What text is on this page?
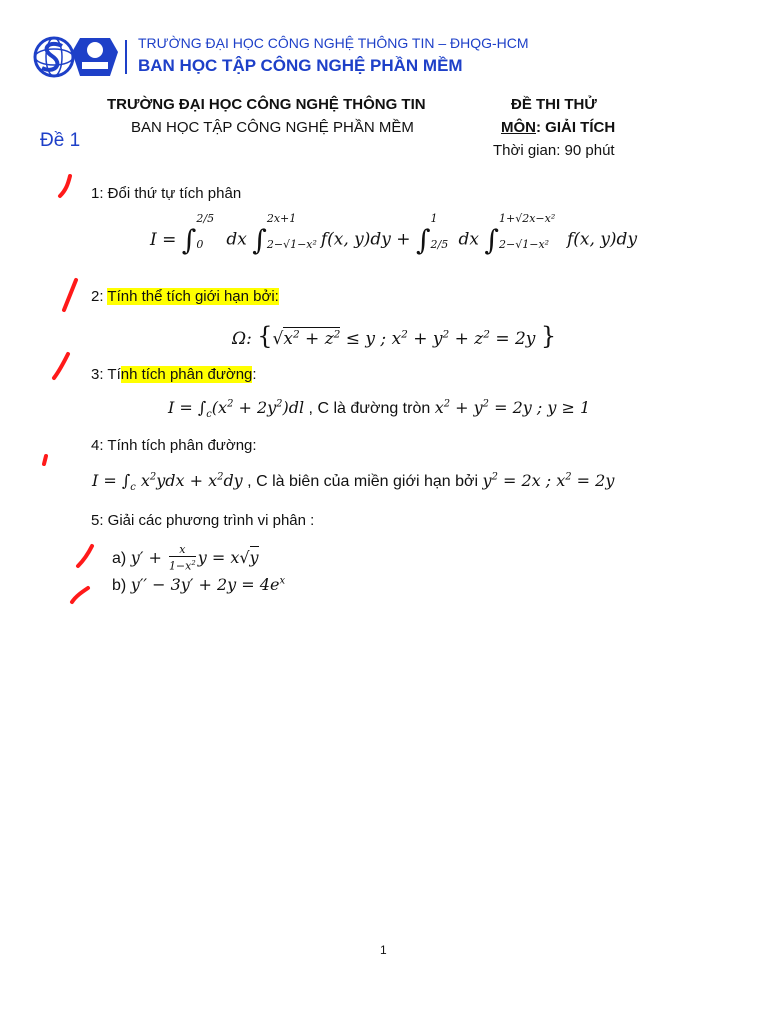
TRƯỜNG ĐẠI HỌC CÔNG NGHỆ THÔNG TIN – ĐHQG-HCM
BAN HỌC TẬP CÔNG NGHỆ PHẦN MỀM
TRƯỜNG ĐẠI HỌC CÔNG NGHỆ THÔNG TIN
BAN HỌC TẬP CÔNG NGHỆ PHẦN MỀM
ĐỀ THI THỬ
MÔN: GIẢI TÍCH
Thời gian: 90 phút
Đề 1
1: Đổi thứ tự tích phân
I = ∫
2/5
0	dx ∫
2x+1
2−√1−x² f(x, y)dy + ∫
1
2/5 dx ∫
1+√2x−x²
2−√1−x²	f(x, y)dy
2: Tính thể tích giới hạn bởi:
Ω: {$√x^2 + z^2 \le y$ ; $x^2 + y^2 + z^2 = 2y$ }
3: Tính tích phân đường:
$I = \int_c(x^2 + 2y^2)dl$ , C là đường tròn $x^2 + y^2 = 2y$ ; y ≥ 1
4: Tính tích phân đường:
$I = \int_c$ $x^2ydx + x^2dy$ , C là biên của miền giới hạn bởi $y^2 = 2x$ ; $x^2 = 2y$
5: Giải các phương trình vi phân :
a) $y' + \frac{x}{1-x^2}$ y = x√y
b) $y'' - 3y' + 2y = 4e^x$
1
